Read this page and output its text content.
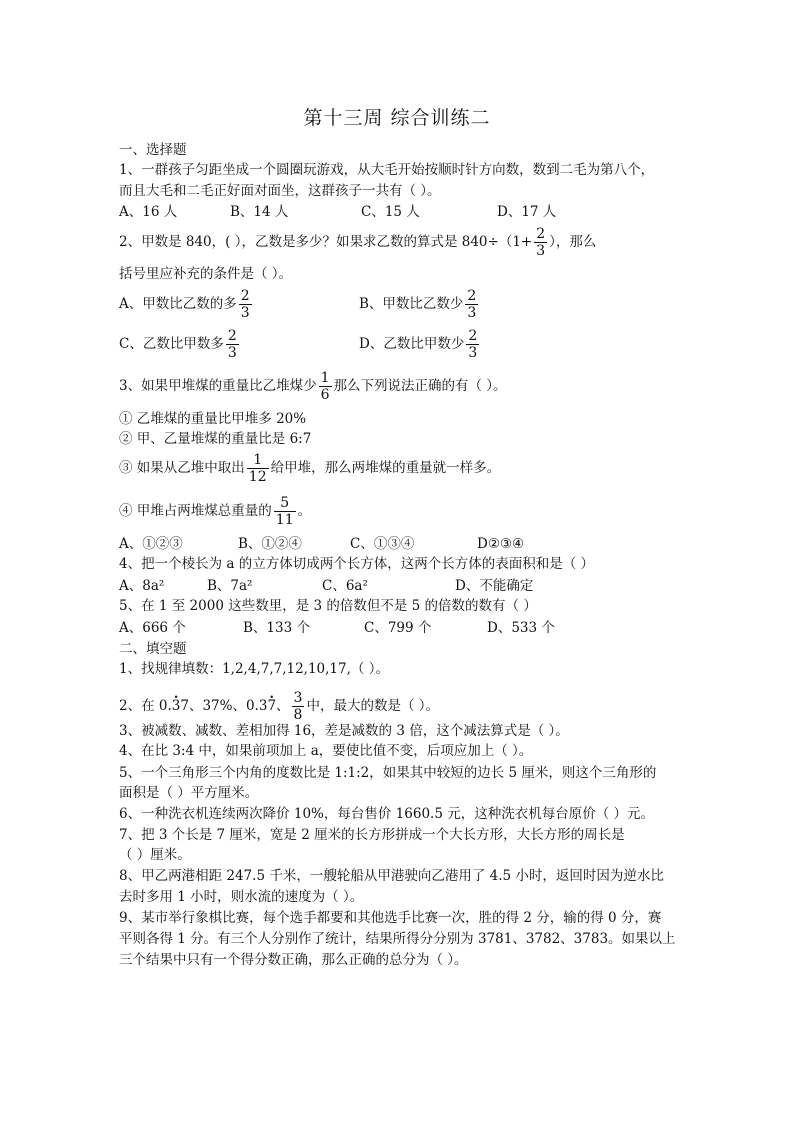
第十三周 综合训练二
一、选择题
1、一群孩子匀距坐成一个圆圈玩游戏，从大毛开始按顺时针方向数，数到二毛为第八个，
而且大毛和二毛正好面对面坐，这群孩子一共有（ ）。
A、16 人	B、14 人	C、15 人	D、17 人
2、甲数是 840，( ），乙数是多少？如果求乙数的算式是 $840\div(1+ \frac{2}{3}$ ），那么
括号里应补充的条件是（ ）。
A、甲数比乙数的多 $\frac{2}{3}$	B、甲数比乙数少 $\frac{2}{3}$
C、乙数比甲数多 $\frac{2}{3}$	D、乙数比甲数少 $\frac{2}{3}$
3、如果甲堆煤的重量比乙堆煤少 $\frac{1}{6}$ 那么下列说法正确的有（ ）。
① 乙堆煤的重量比甲堆多 20%
② 甲、乙量堆煤的重量比是 6:7
③ 如果从乙堆中取出 $\frac{1}{12}$ 给甲堆，那么两堆煤的重量就一样多。
④ 甲堆占两堆煤总重量的 $\frac{5}{11}$ 。
A、①②③	B、①②④	C、①③④	D②③④
4、把一个棱长为 a 的立方体切成两个长方体，这两个长方体的表面积和是（ ）
A、8a²	B、7a²	C、6a²	D、不能确定
5、在 1 至 2000 这些数里，是 3 的倍数但不是 5 的倍数的数有（ ）
A、666 个	B、133 个	C、799 个	D、533 个
二、填空题
1、找规律填数：1,2,4,7,7,12,10,17,（ ）。
2、在 0.3 •7、37%、0.37 •、 $\frac{3}{8}$ 中，最大的数是（ ）。
3、被减数、减数、差相加得 16，差是减数的 3 倍，这个减法算式是（ ）。
4、在比 3:4 中，如果前项加上 a，要使比值不变，后项应加上（ ）。
5、一个三角形三个内角的度数比是 1:1:2，如果其中较短的边长 5 厘米，则这个三角形的
面积是（ ）平方厘米。
6、一种洗衣机连续两次降价 10%，每台售价 1660.5 元，这种洗衣机每台原价（ ）元。
7、把 3 个长是 7 厘米，宽是 2 厘米的长方形拼成一个大长方形，大长方形的周长是
（ ）厘米。
8、甲乙两港相距 247.5 千米，一艘轮船从甲港驶向乙港用了 4.5 小时，返回时因为逆水比
去时多用 1 小时，则水流的速度为（ ）。
9、某市举行象棋比赛，每个选手都要和其他选手比赛一次，胜的得 2 分，输的得 0 分，赛
平则各得 1 分。有三个人分别作了统计，结果所得分分别为 3781、3782、3783。如果以上
三个结果中只有一个得分数正确，那么正确的总分为（ ）。
